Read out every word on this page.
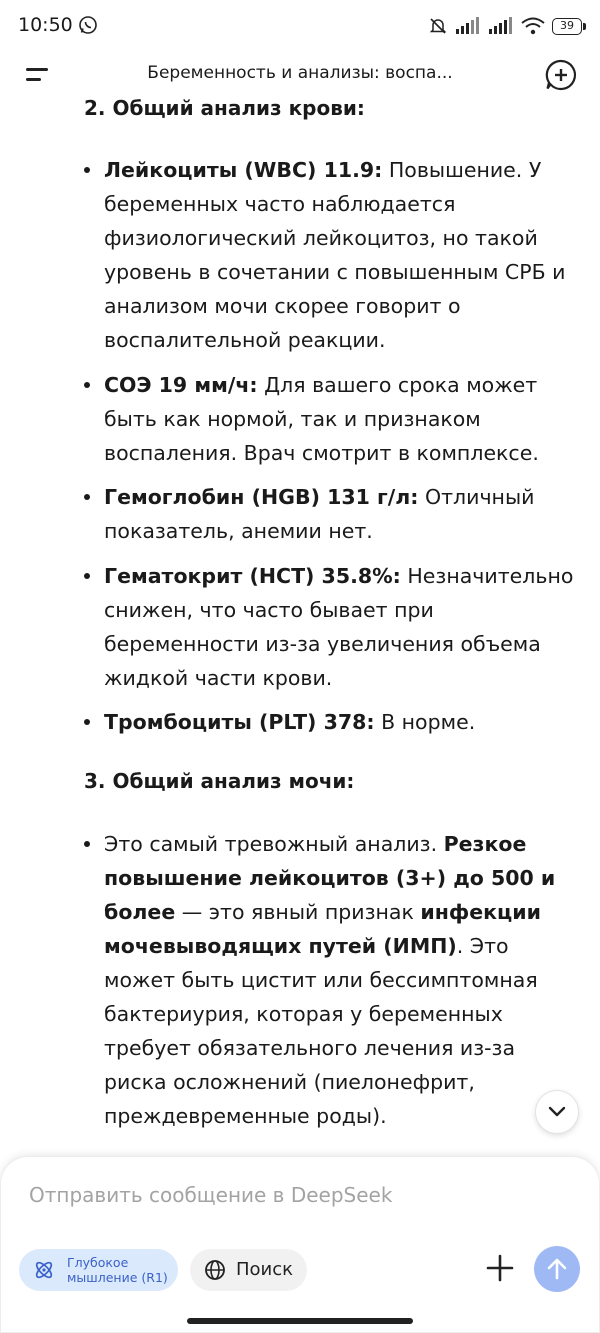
10:50	39
Беременность и анализы: воспа...
2. Общий анализ крови:
Лейкоциты (WBC) 11.9: Повышение. У беременных часто наблюдается физиологический лейкоцитоз, но такой уровень в сочетании с повышенным СРБ и анализом мочи скорее говорит о воспалительной реакции.
СОЭ 19 мм/ч: Для вашего срока может быть как нормой, так и признаком воспаления. Врач смотрит в комплексе.
Гемоглобин (HGB) 131 г/л: Отличный показатель, анемии нет.
Гематокрит (HCT) 35.8%: Незначительно снижен, что часто бывает при беременности из-за увеличения объема жидкой части крови.
Тромбоциты (PLT) 378: В норме.
3. Общий анализ мочи:
Это самый тревожный анализ. Резкое повышение лейкоцитов (3+) до 500 и более — это явный признак инфекции мочевыводящих путей (ИМП). Это может быть цистит или бессимптомная бактериурия, которая у беременных требует обязательного лечения из-за риска осложнений (пиелонефрит, преждевременные роды).
Отправить сообщение в DeepSeek
Глубокое
мышление (R1)	Поиск
